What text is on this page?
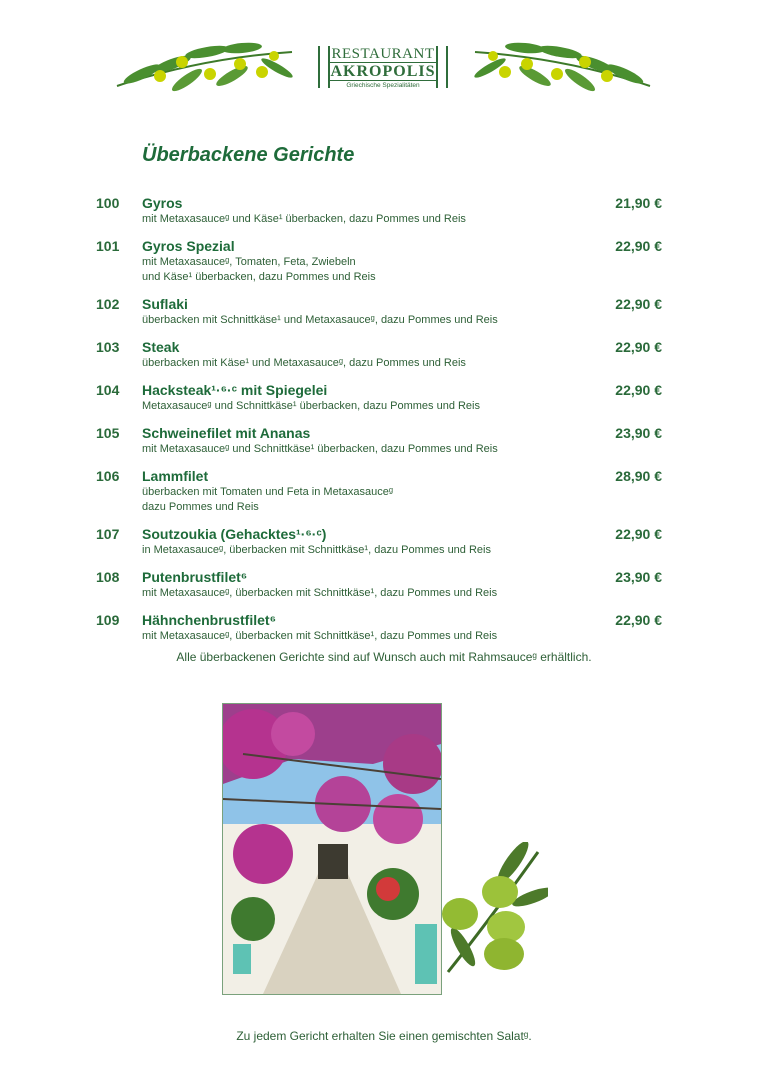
RESTAURANT
AKROPOLIS
Griechische Spezialitäten
Überbackene Gerichte
100 Gyros	21,90 €
mit Metaxasauceᵍ und Käse¹ überbacken, dazu Pommes und Reis
101 Gyros Spezial	22,90 €
mit Metaxasauceᵍ, Tomaten, Feta, Zwiebeln
und Käse¹ überbacken, dazu Pommes und Reis
102 Suflaki	22,90 €
überbacken mit Schnittkäse¹ und Metaxasauceᵍ, dazu Pommes und Reis
103 Steak	22,90 €
überbacken mit Käse¹ und Metaxasauceᵍ, dazu Pommes und Reis
104 Hacksteak¹·⁶·ᶜ mit Spiegelei	22,90 €
Metaxasauceᵍ und Schnittkäse¹ überbacken, dazu Pommes und Reis
105 Schweinefilet mit Ananas	23,90 €
mit Metaxasauceᵍ und Schnittkäse¹ überbacken, dazu Pommes und Reis
106 Lammfilet	28,90 €
überbacken mit Tomaten und Feta in Metaxasauceᵍ
dazu Pommes und Reis
107 Soutzoukia (Gehacktes¹·⁶·ᶜ)	22,90 €
in Metaxasauceᵍ, überbacken mit Schnittkäse¹, dazu Pommes und Reis
108 Putenbrustfilet⁶	23,90 €
mit Metaxasauceᵍ, überbacken mit Schnittkäse¹, dazu Pommes und Reis
109 Hähnchenbrustfilet⁶	22,90 €
mit Metaxasauceᵍ, überbacken mit Schnittkäse¹, dazu Pommes und Reis
Alle überbackenen Gerichte sind auf Wunsch auch mit Rahmsauceᵍ erhältlich.
Zu jedem Gericht erhalten Sie einen gemischten Salatᵍ.
